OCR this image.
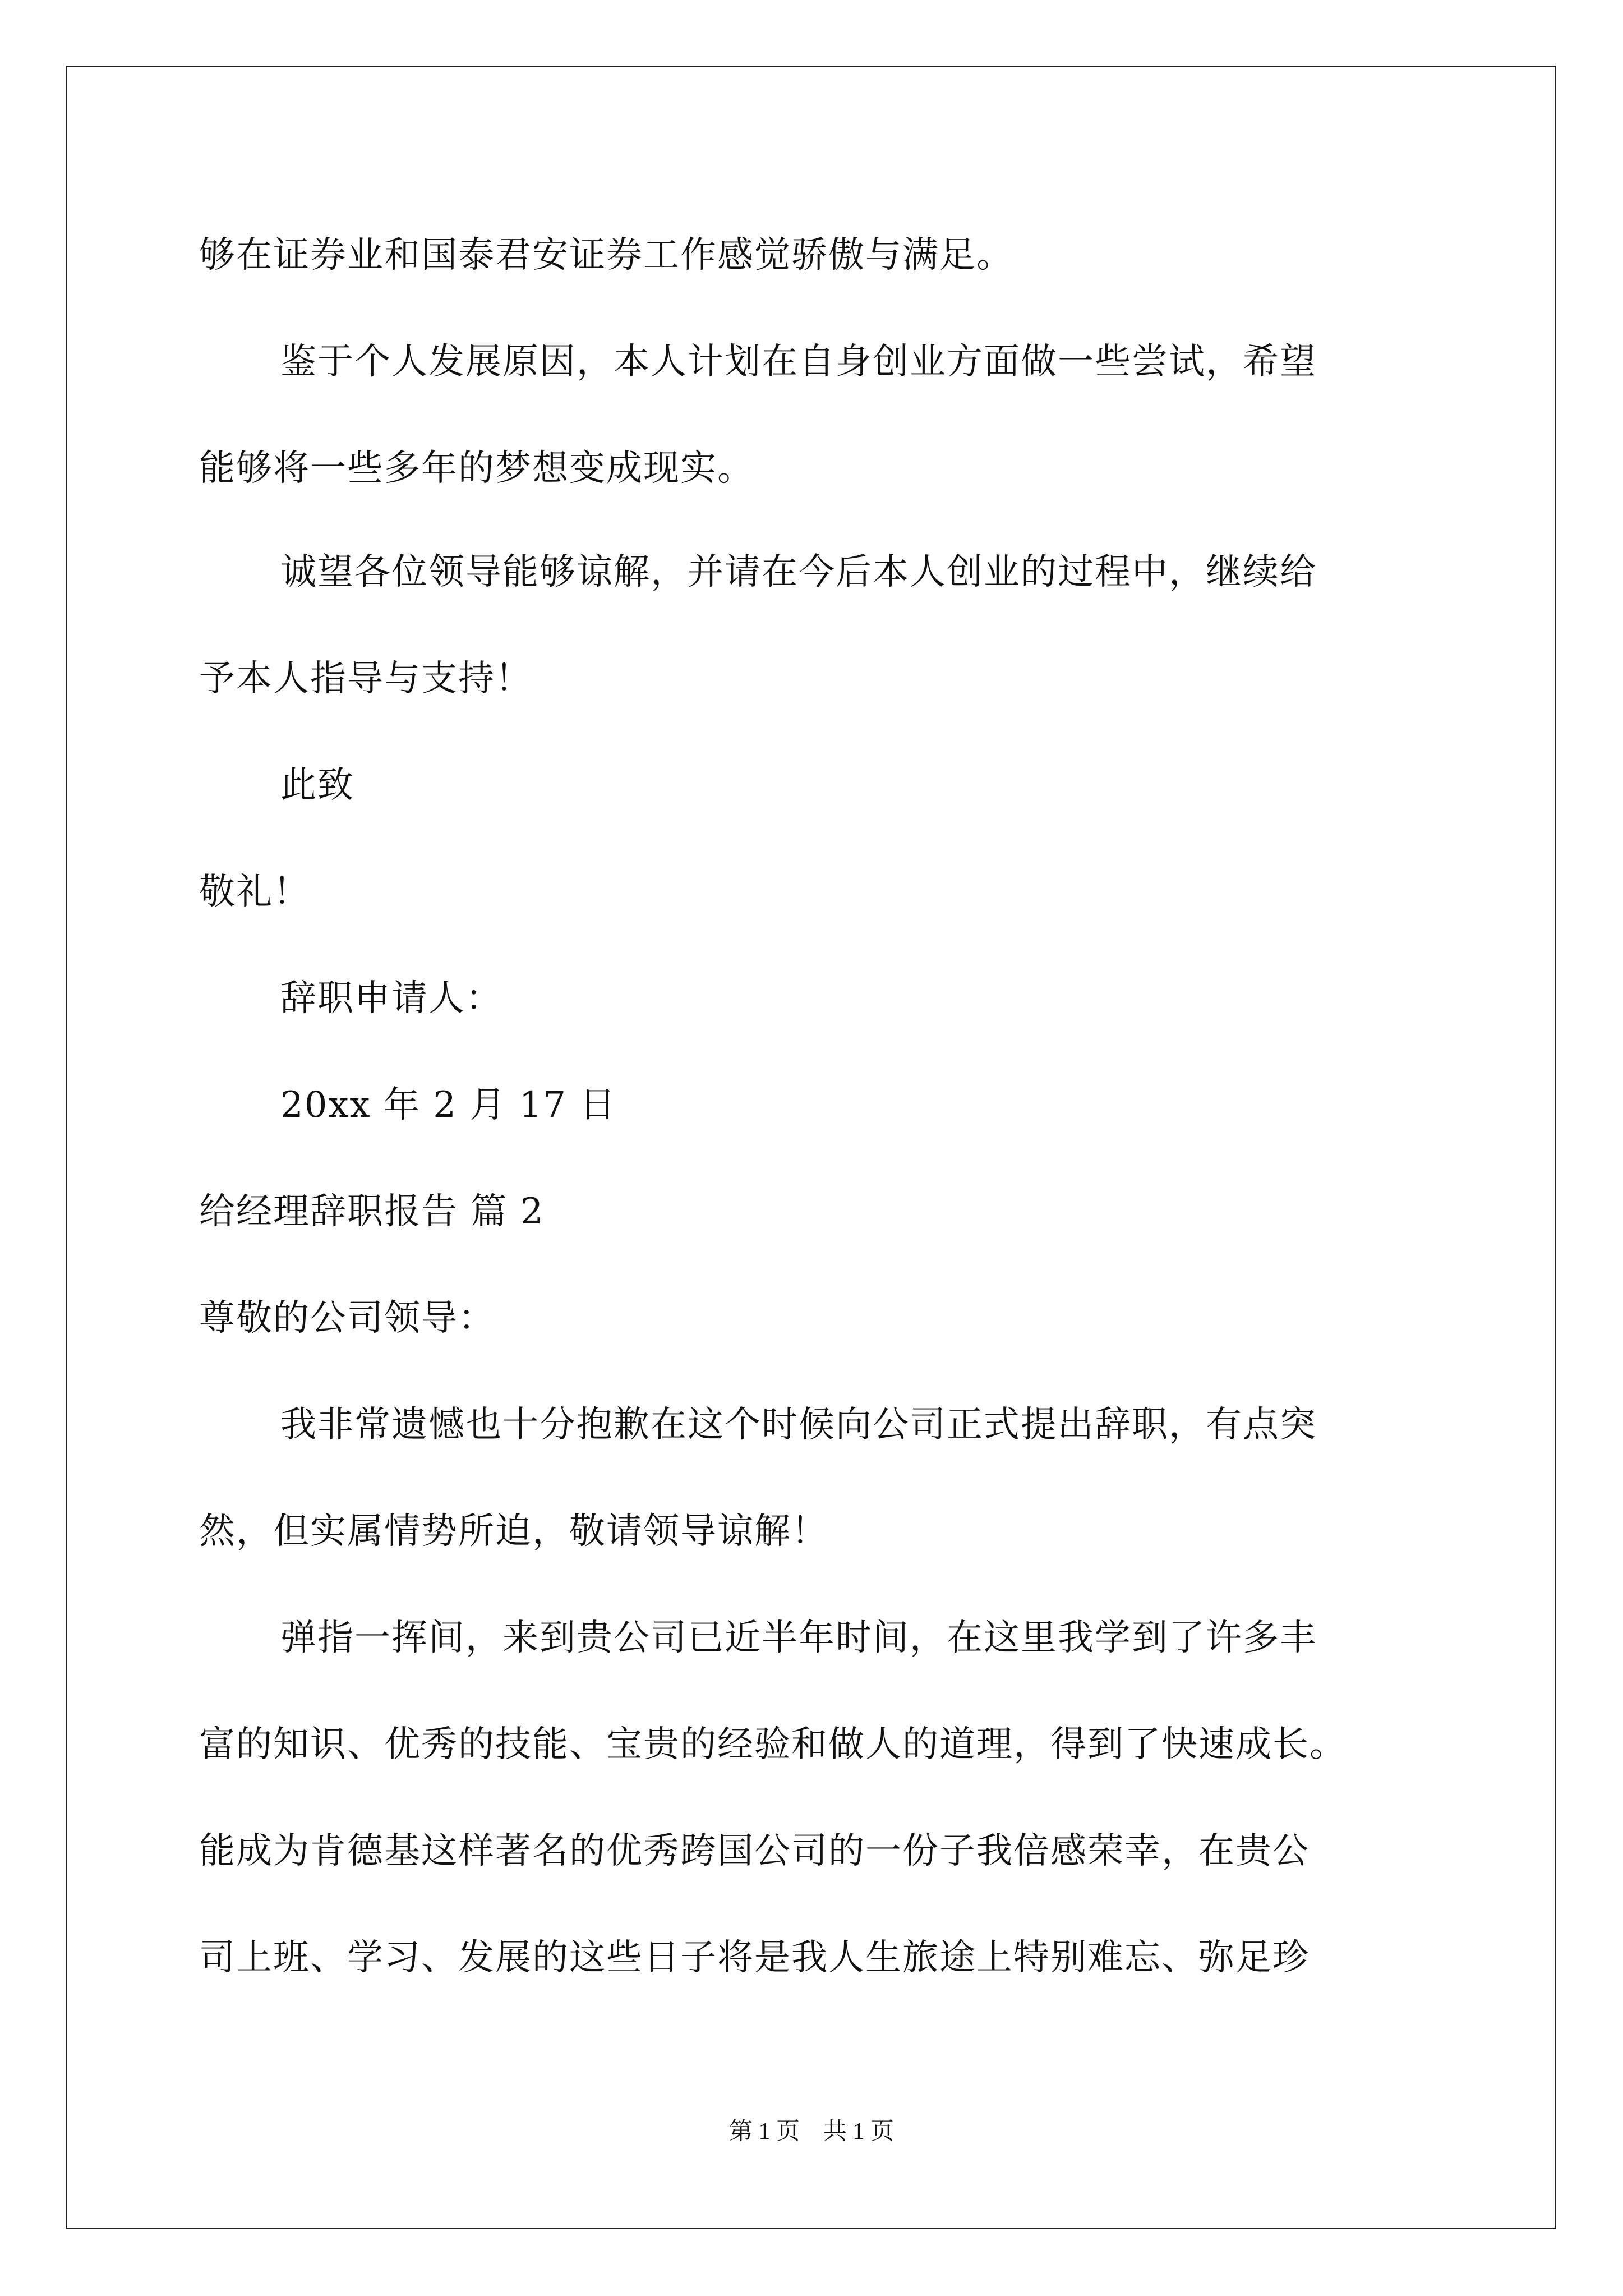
够在证券业和国泰君安证券工作感觉骄傲与满足。
鉴于个人发展原因，本人计划在自身创业方面做一些尝试，希望
能够将一些多年的梦想变成现实。
诚望各位领导能够谅解，并请在今后本人创业的过程中，继续给
予本人指导与支持！
此致
敬礼！
辞职申请人：
20xx 年 2 月 17 日
给经理辞职报告 篇 2
尊敬的公司领导：
我非常遗憾也十分抱歉在这个时候向公司正式提出辞职，有点突
然，但实属情势所迫，敬请领导谅解！
弹指一挥间，来到贵公司已近半年时间，在这里我学到了许多丰
富的知识、优秀的技能、宝贵的经验和做人的道理，得到了快速成长。
能成为肯德基这样著名的优秀跨国公司的一份子我倍感荣幸，在贵公
司上班、学习、发展的这些日子将是我人生旅途上特别难忘、弥足珍
第 1 页　共 1 页
